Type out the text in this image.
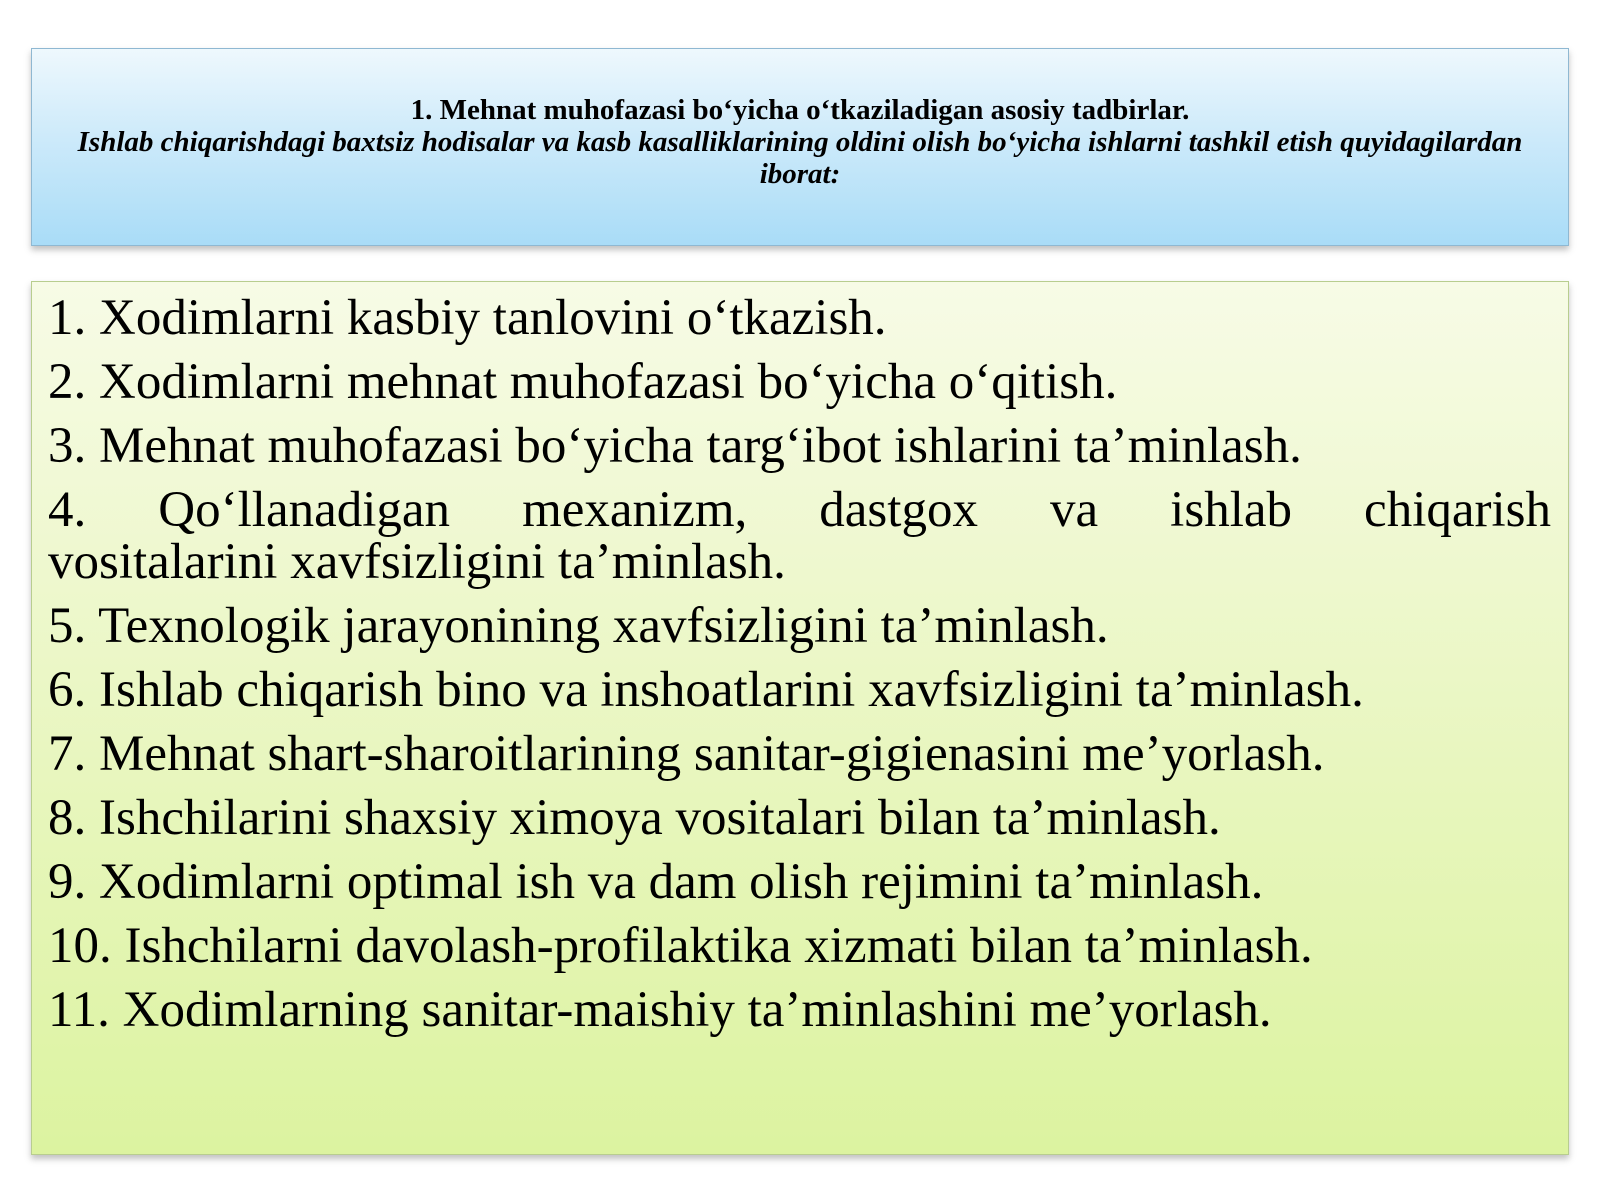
1. Mehnat muhofazasi bo‘yicha o‘tkaziladigan asosiy tadbirlar.
Ishlab chiqarishdagi baxtsiz hodisalar va kasb kasalliklarining oldini olish bo‘yicha ishlarni tashkil etish quyidagilardan iborat:
1. Xodimlarni kasbiy tanlovini o‘tkazish.
2. Xodimlarni mehnat muhofazasi bo‘yicha o‘qitish.
3. Mehnat muhofazasi bo‘yicha targ‘ibot ishlarini ta’minlash.
4. Qo‘llanadigan mexanizm, dastgox va ishlab chiqarish
vositalarini xavfsizligini ta’minlash.
5. Texnologik jarayonining xavfsizligini ta’minlash.
6. Ishlab chiqarish bino va inshoatlarini xavfsizligini ta’minlash.
7. Mehnat shart-sharoitlarining sanitar-gigienasini me’yorlash.
8. Ishchilarini shaxsiy ximoya vositalari bilan ta’minlash.
9. Xodimlarni optimal ish va dam olish rejimini ta’minlash.
10. Ishchilarni davolash-profilaktika xizmati bilan ta’minlash.
11. Xodimlarning sanitar-maishiy ta’minlashini me’yorlash.
